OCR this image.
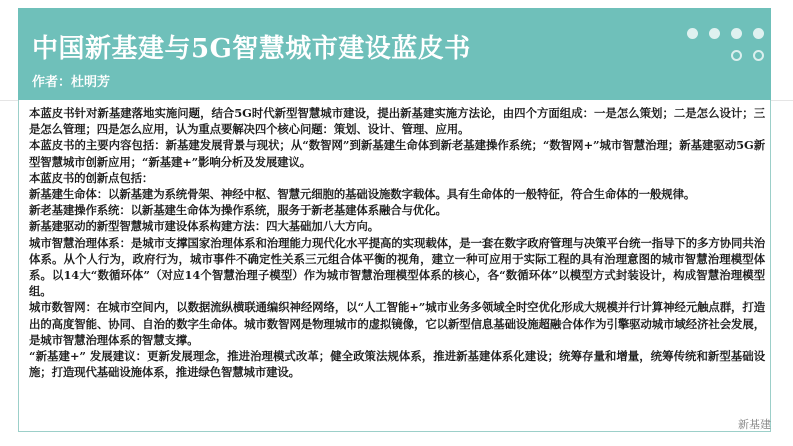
中国新基建与5G智慧城市建设蓝皮书
作者：杜明芳

本蓝皮书针对新基建落地实施问题，结合5G时代新型智慧城市建设，提出新基建实施方法论，由四个方面组成：一是怎么策划；二是怎么设计；三是怎么管理；四是怎么应用，认为重点要解决四个核心问题：策划、设计、管理、应用。

本蓝皮书的主要内容包括：新基建发展背景与现状；从“数智网”到新基建生命体到新老基建操作系统；“数智网+”城市智慧治理；新基建驱动5G新型智慧城市创新应用；“新基建+”影响分析及发展建议。

本蓝皮书的创新点包括：

新基建生命体：以新基建为系统骨架、神经中枢、智慧元细胞的基础设施数字载体。具有生命体的一般特征，符合生命体的一般规律。

新老基建操作系统：以新基建生命体为操作系统，服务于新老基建体系融合与优化。

新基建驱动的新型智慧城市建设体系构建方法：四大基础加八大方向。

城市智慧治理体系：是城市支撑国家治理体系和治理能力现代化水平提高的实现载体，是一套在数字政府管理与决策平台统一指导下的多方协同共治体系。从个人行为，政府行为，城市事件不确定性关系三元组合体平衡的视角，建立一种可应用于实际工程的具有治理意图的城市智慧治理模型体系。以14大“数循环体”（对应14个智慧治理子模型）作为城市智慧治理模型体系的核心，各“数循环体”以模型方式封装设计，构成智慧治理模型组。

城市数智网：在城市空间内，以数据流纵横联通编织神经网络，以“人工智能+”城市业务多领域全时空优化形成大规模并行计算神经元触点群，打造出的高度智能、协同、自治的数字生命体。城市数智网是物理城市的虚拟镜像，它以新型信息基础设施超融合体作为引擎驱动城市域经济社会发展，是城市智慧治理体系的智慧支撑。

“新基建+” 发展建议：更新发展理念，推进治理模式改革；健全政策法规体系，推进新基建体系化建设；统筹存量和增量，统筹传统和新型基础设施；打造现代基础设施体系，推进绿色智慧城市建设。

新基建
